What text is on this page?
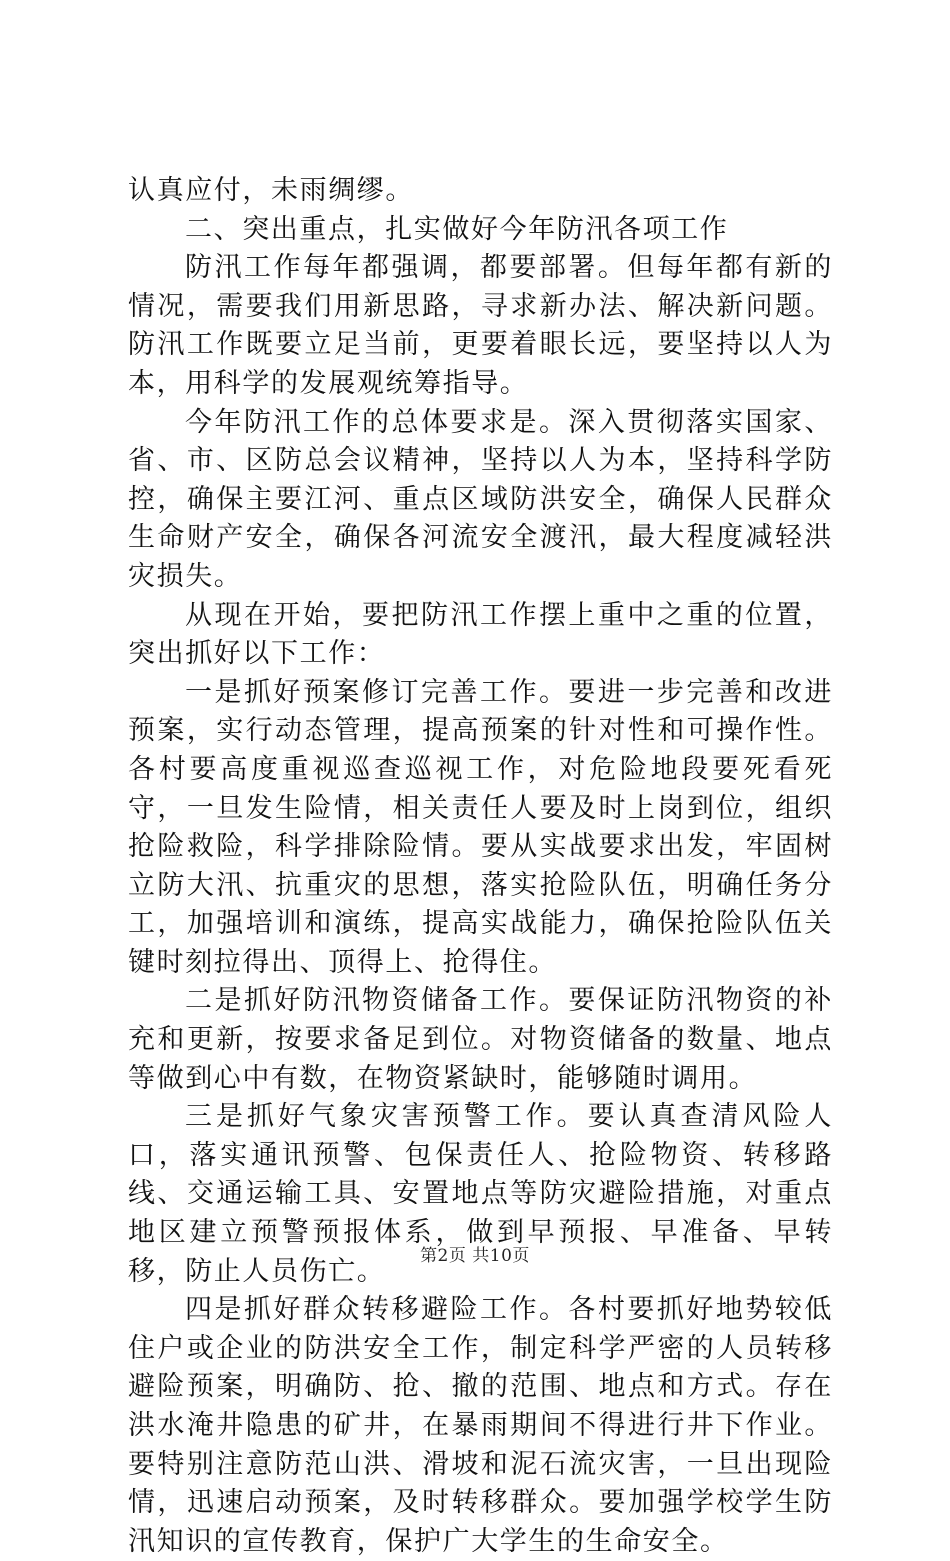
认真应付，未雨绸缪。

二、突出重点，扎实做好今年防汛各项工作

防汛工作每年都强调，都要部署。但每年都有新的情况，需要我们用新思路，寻求新办法、解决新问题。防汛工作既要立足当前，更要着眼长远，要坚持以人为本，用科学的发展观统筹指导。

今年防汛工作的总体要求是。深入贯彻落实国家、省、市、区防总会议精神，坚持以人为本，坚持科学防控，确保主要江河、重点区域防洪安全，确保人民群众生命财产安全，确保各河流安全渡汛，最大程度减轻洪灾损失。

从现在开始，要把防汛工作摆上重中之重的位置，突出抓好以下工作：

一是抓好预案修订完善工作。要进一步完善和改进预案，实行动态管理，提高预案的针对性和可操作性。各村要高度重视巡查巡视工作，对危险地段要死看死守，一旦发生险情，相关责任人要及时上岗到位，组织抢险救险，科学排除险情。要从实战要求出发，牢固树立防大汛、抗重灾的思想，落实抢险队伍，明确任务分工，加强培训和演练，提高实战能力，确保抢险队伍关键时刻拉得出、顶得上、抢得住。

二是抓好防汛物资储备工作。要保证防汛物资的补充和更新，按要求备足到位。对物资储备的数量、地点等做到心中有数，在物资紧缺时，能够随时调用。

三是抓好气象灾害预警工作。要认真查清风险人口，落实通讯预警、包保责任人、抢险物资、转移路线、交通运输工具、安置地点等防灾避险措施，对重点地区建立预警预报体系，做到早预报、早准备、早转移，防止人员伤亡。

四是抓好群众转移避险工作。各村要抓好地势较低住户或企业的防洪安全工作，制定科学严密的人员转移避险预案，明确防、抢、撤的范围、地点和方式。存在洪水淹井隐患的矿井，在暴雨期间不得进行井下作业。要特别注意防范山洪、滑坡和泥石流灾害，一旦出现险情，迅速启动预案，及时转移群众。要加强学校学生防汛知识的宣传教育，保护广大学生的生命安全。

第2页 共10页
